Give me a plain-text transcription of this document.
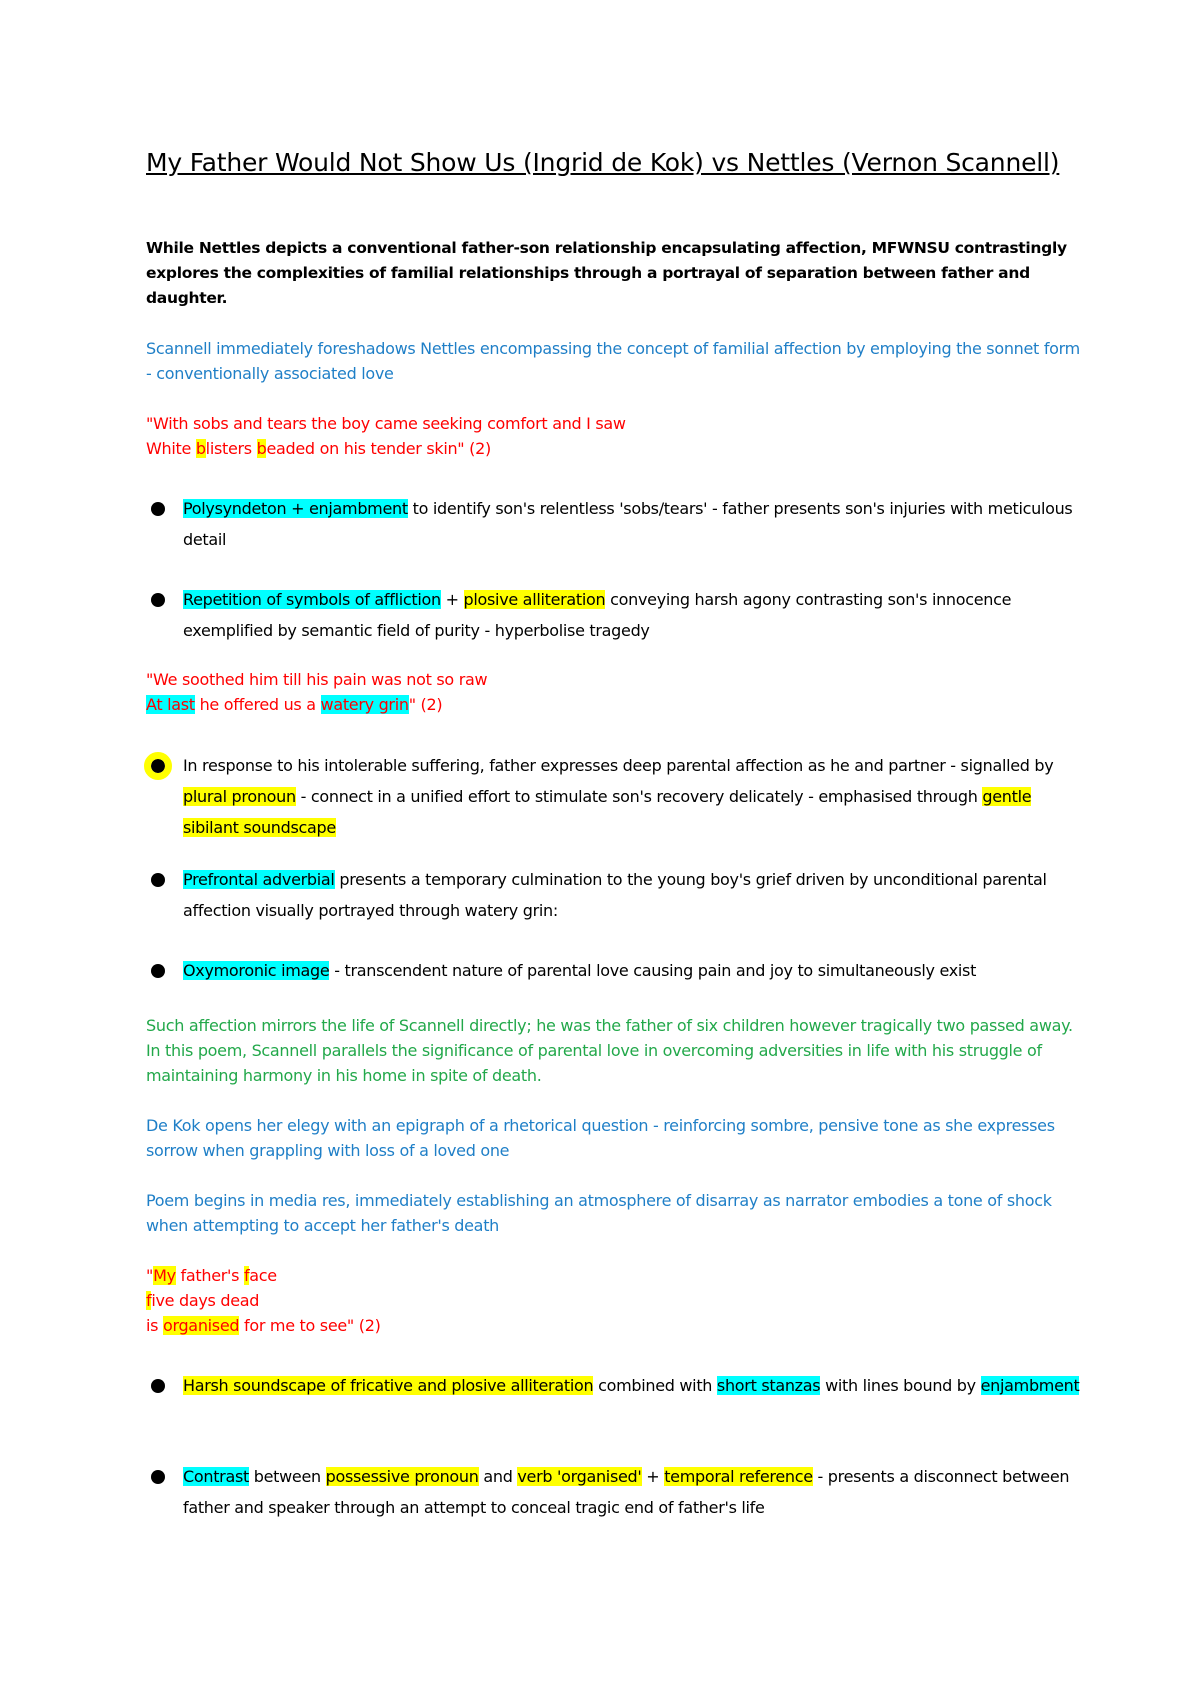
My Father Would Not Show Us (Ingrid de Kok) vs Nettles (Vernon Scannell)
While Nettles depicts a conventional father-son relationship encapsulating affection, MFWNSU contrastingly explores the complexities of familial relationships through a portrayal of separation between father and daughter.
Scannell immediately foreshadows Nettles encompassing the concept of familial affection by employing the sonnet form - conventionally associated love
"With sobs and tears the boy came seeking comfort and I saw
White blisters beaded on his tender skin" (2)
Polysyndeton + enjambment to identify son's relentless 'sobs/tears' - father presents son's injuries with meticulous detail
Repetition of symbols of affliction + plosive alliteration conveying harsh agony contrasting son's innocence exemplified by semantic field of purity - hyperbolise tragedy
"We soothed him till his pain was not so raw
At last he offered us a watery grin" (2)
In response to his intolerable suffering, father expresses deep parental affection as he and partner - signalled by plural pronoun - connect in a unified effort to stimulate son's recovery delicately - emphasised through gentle sibilant soundscape
Prefrontal adverbial presents a temporary culmination to the young boy's grief driven by unconditional parental affection visually portrayed through watery grin:
Oxymoronic image - transcendent nature of parental love causing pain and joy to simultaneously exist
Such affection mirrors the life of Scannell directly; he was the father of six children however tragically two passed away. In this poem, Scannell parallels the significance of parental love in overcoming adversities in life with his struggle of maintaining harmony in his home in spite of death.
De Kok opens her elegy with an epigraph of a rhetorical question - reinforcing sombre, pensive tone as she expresses sorrow when grappling with loss of a loved one
Poem begins in media res, immediately establishing an atmosphere of disarray as narrator embodies a tone of shock when attempting to accept her father's death
"My father's face
five days dead
is organised for me to see" (2)
Harsh soundscape of fricative and plosive alliteration combined with short stanzas with lines bound by enjambment
Contrast between possessive pronoun and verb 'organised' + temporal reference - presents a disconnect between father and speaker through an attempt to conceal tragic end of father's life
